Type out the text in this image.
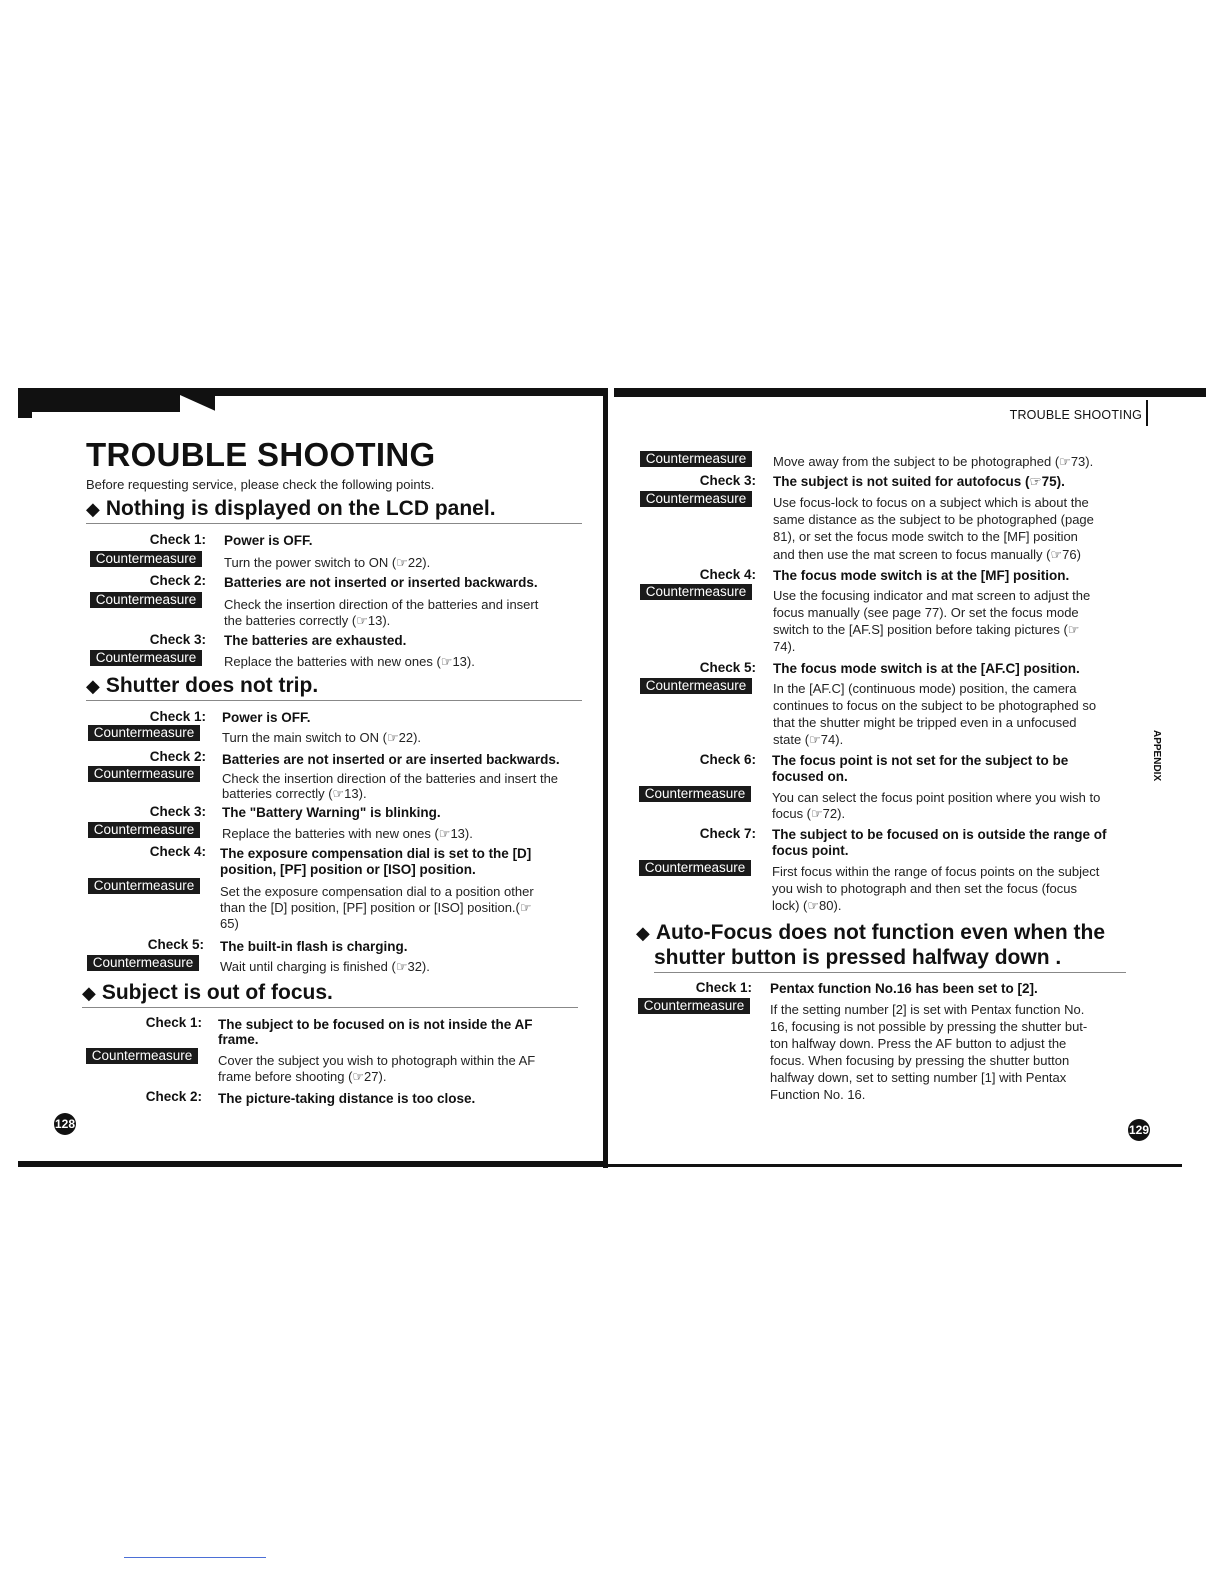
TROUBLE SHOOTING
TROUBLE SHOOTING
Before requesting service, please check the following points.
◆ Nothing is displayed on the LCD panel.
Check 1: Power is OFF.
Countermeasure	Turn the power switch to ON (☞22).
Check 2: Batteries are not inserted or inserted backwards.
Countermeasure	Check the insertion direction of the batteries and insert
the batteries correctly (☞13).
Check 3: The batteries are exhausted.
Countermeasure	Replace the batteries with new ones (☞13).
◆ Shutter does not trip.
Check 1: Power is OFF.
Countermeasure	Turn the main switch to ON (☞22).
Check 2: Batteries are not inserted or are inserted backwards.
Countermeasure	Check the insertion direction of the batteries and insert the
batteries correctly (☞13).
Check 3: The "Battery Warning" is blinking.
Countermeasure	Replace the batteries with new ones (☞13).
Check 4: The exposure compensation dial is set to the [D]
position, [PF] position or [ISO] position.
Countermeasure	Set the exposure compensation dial to a position other
than the [D] position, [PF] position or [ISO] position.(☞
65)
Check 5: The built-in flash is charging.
Countermeasure	Wait until charging is finished (☞32).
◆ Subject is out of focus.
Check 1: The subject to be focused on is not inside the AF
frame.
Countermeasure	Cover the subject you wish to photograph within the AF
frame before shooting (☞27).
Check 2: The picture-taking distance is too close.
128
Countermeasure	Move away from the subject to be photographed (☞73).
Check 3: The subject is not suited for autofocus (☞75).
Countermeasure	Use focus-lock to focus on a subject which is about the
same distance as the subject to be photographed (page
81), or set the focus mode switch to the [MF] position
and then use the mat screen to focus manually (☞76)
Check 4: The focus mode switch is at the [MF] position.
Countermeasure	Use the focusing indicator and mat screen to adjust the
focus manually (see page 77). Or set the focus mode
switch to the [AF.S] position before taking pictures (☞
74).
Check 5: The focus mode switch is at the [AF.C] position.
Countermeasure	In the [AF.C] (continuous mode) position, the camera
continues to focus on the subject to be photographed so
that the shutter might be tripped even in a unfocused
state (☞74).
Check 6: The focus point is not set for the subject to be
focused on.
Countermeasure	You can select the focus point position where you wish to
focus (☞72).
Check 7: The subject to be focused on is outside the range of
focus point.
Countermeasure	First focus within the range of focus points on the subject
you wish to photograph and then set the focus (focus
lock) (☞80).
◆ Auto-Focus does not function even when the
shutter button is pressed halfway down .
Check 1: Pentax function No.16 has been set to [2].
Countermeasure	If the setting number [2] is set with Pentax function No.
16, focusing is not possible by pressing the shutter but-
ton halfway down. Press the AF button to adjust the
focus. When focusing by pressing the shutter button
halfway down, set to setting number [1] with Pentax
Function No. 16.
APPENDIX
129
